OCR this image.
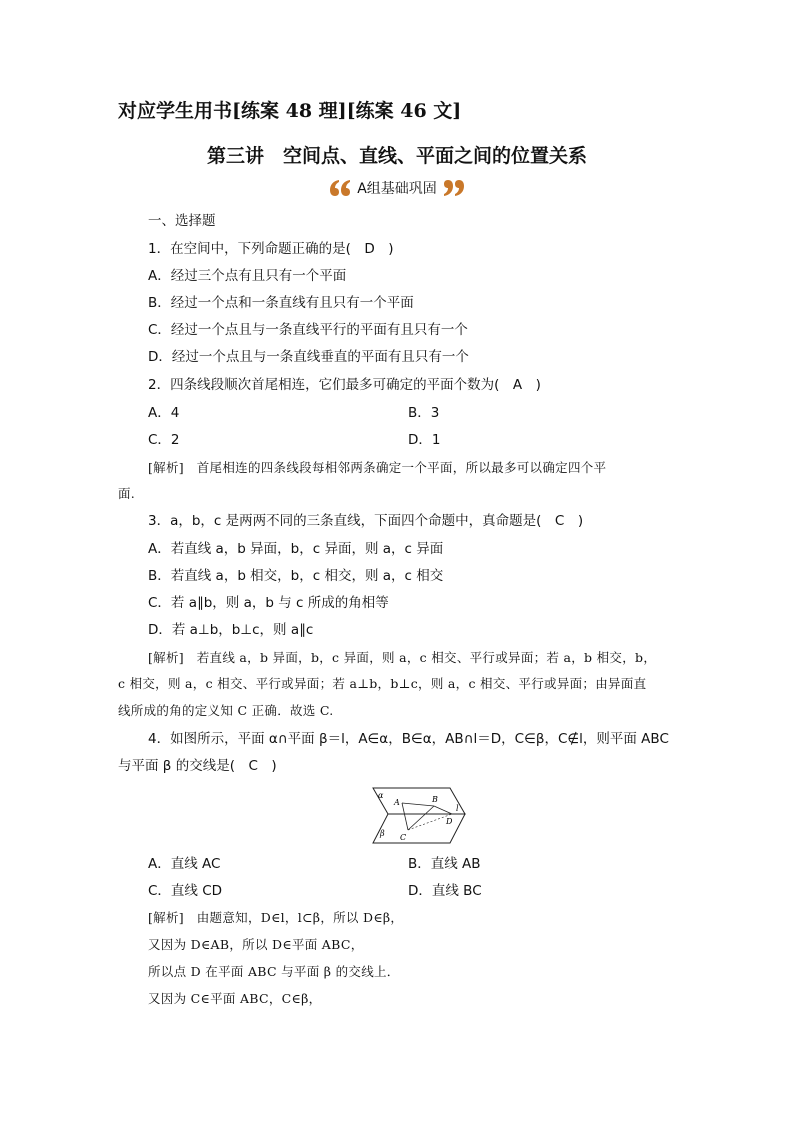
对应学生用书[练案 48 理][练案 46 文]
第三讲　空间点、直线、平面之间的位置关系
A组基础巩固
一、选择题
1．在空间中，下列命题正确的是(　D　)
A．经过三个点有且只有一个平面
B．经过一个点和一条直线有且只有一个平面
C．经过一个点且与一条直线平行的平面有且只有一个
D．经过一个点且与一条直线垂直的平面有且只有一个
2．四条线段顺次首尾相连，它们最多可确定的平面个数为(　A　)
A．4	B．3
C．2	D．1
[解析]　首尾相连的四条线段每相邻两条确定一个平面，所以最多可以确定四个平
面.
3．a，b，c 是两两不同的三条直线，下面四个命题中，真命题是(　C　)
A．若直线 a，b 异面，b，c 异面，则 a，c 异面
B．若直线 a，b 相交，b，c 相交，则 a，c 相交
C．若 a∥b，则 a，b 与 c 所成的角相等
D．若 a⊥b，b⊥c，则 a∥c
[解析]　若直线 a，b 异面，b，c 异面，则 a，c 相交、平行或异面；若 a，b 相交，b，
c 相交，则 a，c 相交、平行或异面；若 a⊥b，b⊥c，则 a，c 相交、平行或异面；由异面直
线所成的角的定义知 C 正确．故选 C.
4．如图所示，平面 α∩平面 β＝l，A∈α，B∈α，AB∩l＝D，C∈β，C∉l，则平面 ABC
与平面 β 的交线是(　C　)
α
β
A	B
C
D
l
A．直线 AC	B．直线 AB
C．直线 CD	D．直线 BC
[解析]　由题意知，D∈l，l⊂β，所以 D∈β，
又因为 D∈AB，所以 D∈平面 ABC，
所以点 D 在平面 ABC 与平面 β 的交线上．
又因为 C∈平面 ABC，C∈β，
